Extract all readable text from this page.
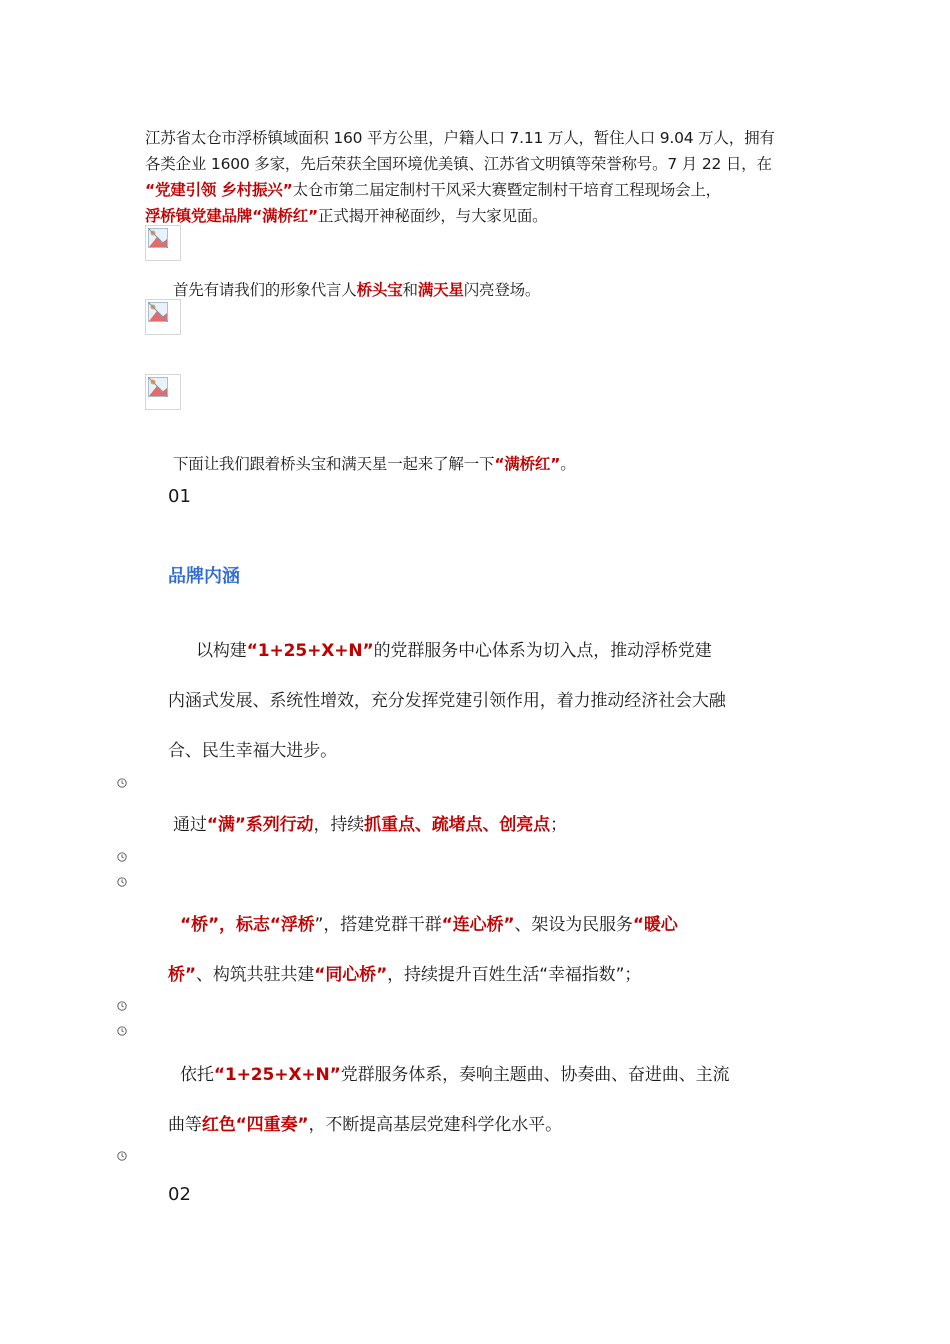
江苏省太仓市浮桥镇域面积 160 平方公里，户籍人口 7.11 万人，暂住人口 9.04 万人，拥有
各类企业 1600 多家，先后荣获全国环境优美镇、江苏省文明镇等荣誉称号。7 月 22 日，在
“党建引领 乡村振兴”太仓市第二届定制村干风采大赛暨定制村干培育工程现场会上，
浮桥镇党建品牌“满桥红”正式揭开神秘面纱，与大家见面。
首先有请我们的形象代言人桥头宝和满天星闪亮登场。
下面让我们跟着桥头宝和满天星一起来了解一下“满桥红”。
01
品牌内涵
以构建“1+25+X+N”的党群服务中心体系为切入点，推动浮桥党建
内涵式发展、系统性增效，充分发挥党建引领作用，着力推动经济社会大融
合、民生幸福大进步。
通过“满”系列行动，持续抓重点、疏堵点、创亮点；
“桥”，标志“浮桥”，搭建党群干群“连心桥”、架设为民服务“暖心
桥”、构筑共驻共建“同心桥”，持续提升百姓生活“幸福指数”；
依托“1+25+X+N”党群服务体系，奏响主题曲、协奏曲、奋进曲、主流
曲等红色“四重奏”，不断提高基层党建科学化水平。
02
